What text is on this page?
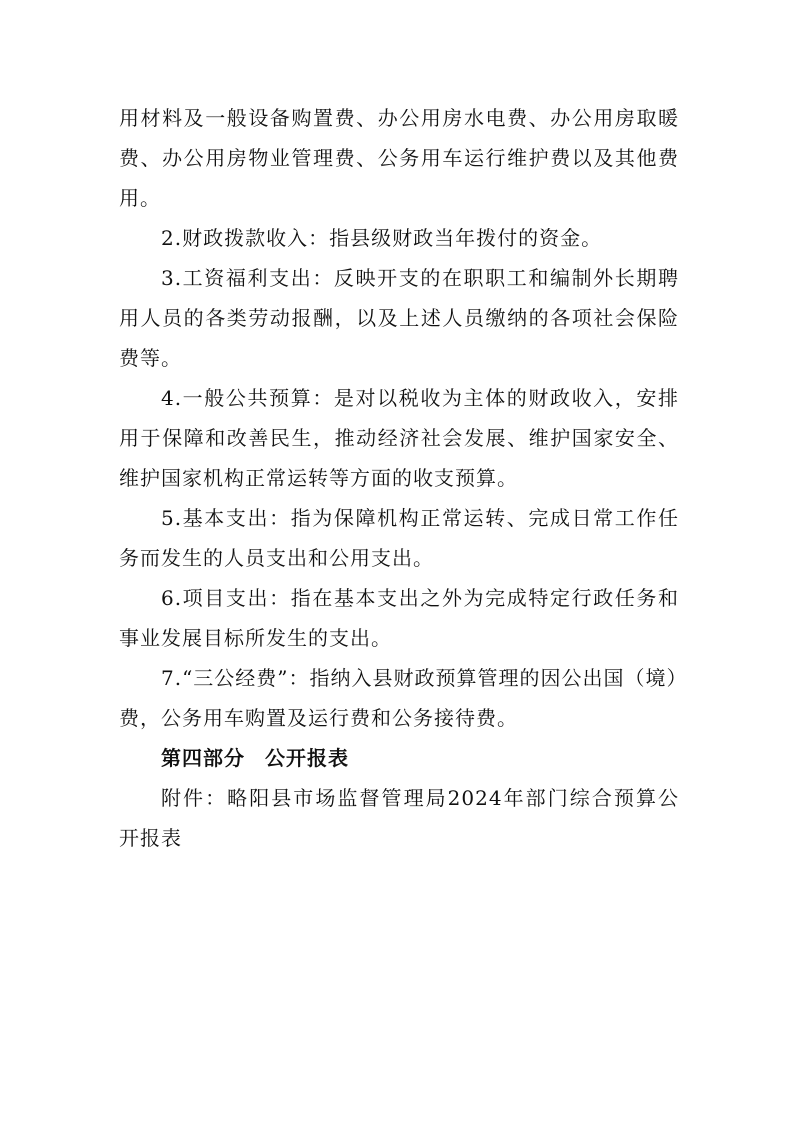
用材料及一般设备购置费、办公用房水电费、办公用房取暖
费、办公用房物业管理费、公务用车运行维护费以及其他费
用。
2.财政拨款收入：指县级财政当年拨付的资金。
3.工资福利支出：反映开支的在职职工和编制外长期聘
用人员的各类劳动报酬，以及上述人员缴纳的各项社会保险
费等。
4.一般公共预算：是对以税收为主体的财政收入，安排
用于保障和改善民生，推动经济社会发展、维护国家安全、
维护国家机构正常运转等方面的收支预算。
5.基本支出：指为保障机构正常运转、完成日常工作任
务而发生的人员支出和公用支出。
6.项目支出：指在基本支出之外为完成特定行政任务和
事业发展目标所发生的支出。
7.“三公经费”：指纳入县财政预算管理的因公出国（境）
费，公务用车购置及运行费和公务接待费。
第四部分 公开报表
附件：略阳县市场监督管理局2024年部门综合预算公
开报表
